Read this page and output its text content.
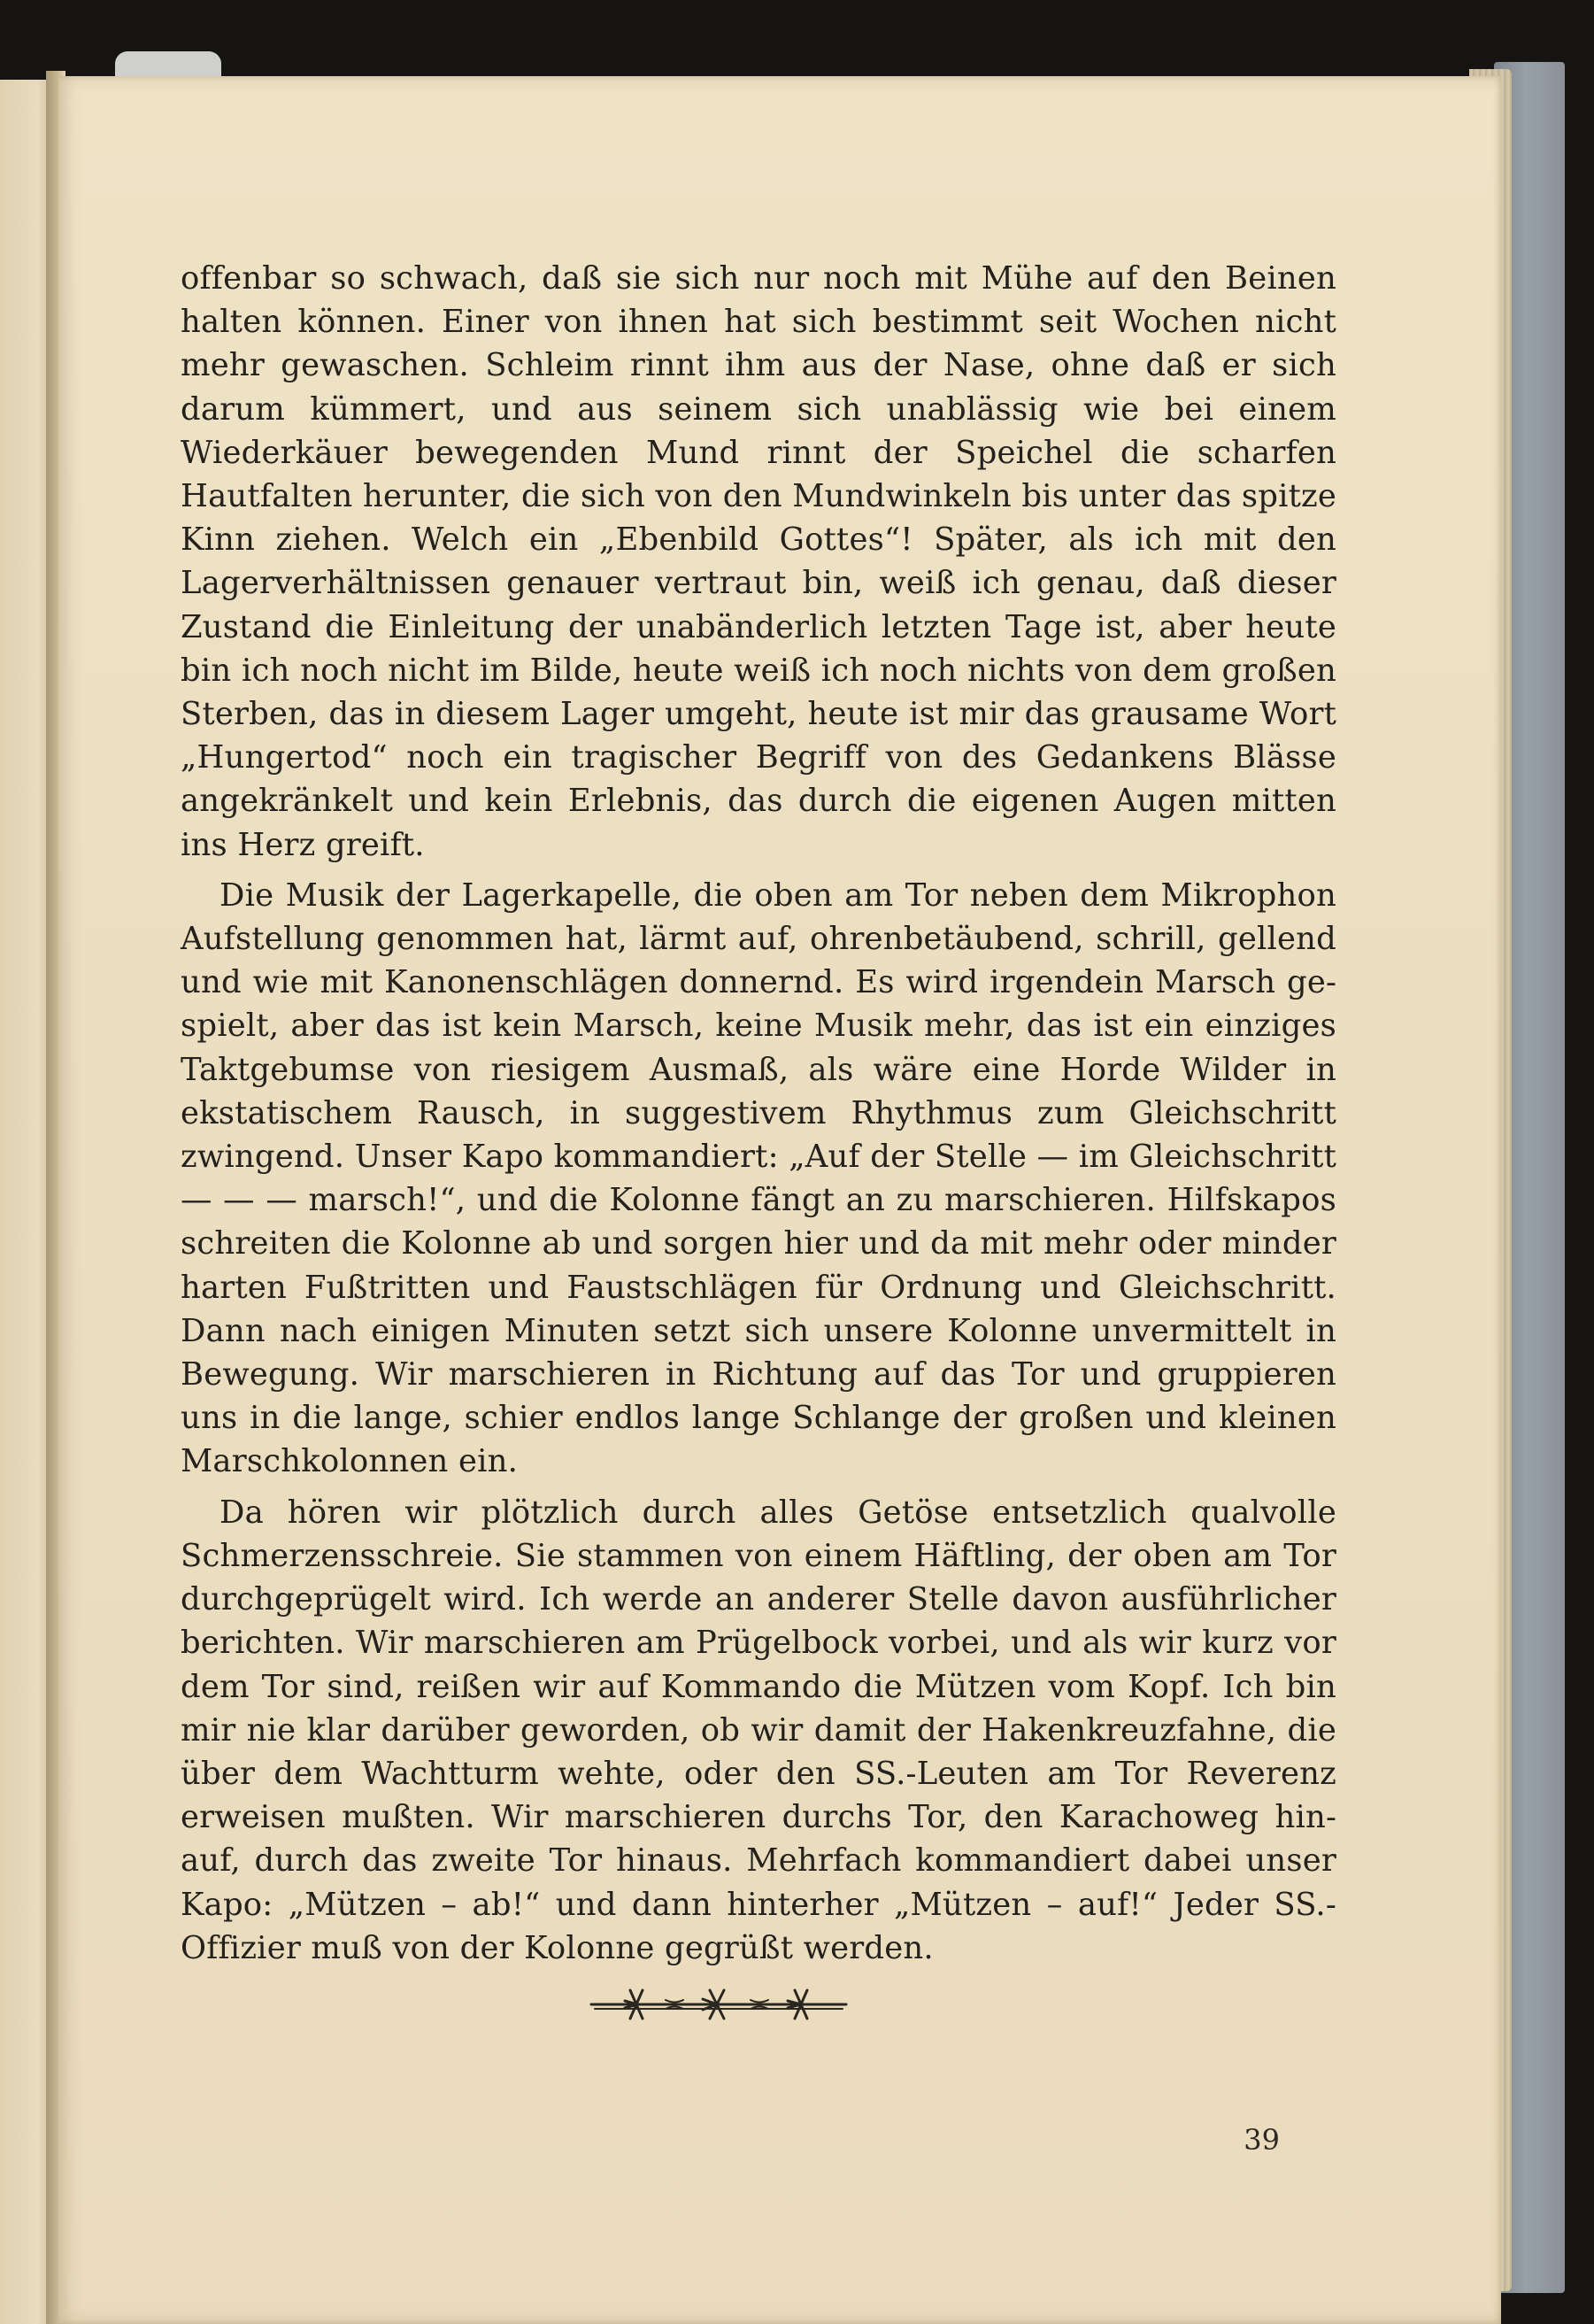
offenbar so schwach, daß sie sich nur noch mit Mühe auf den Beinen halten können. Einer von ihnen hat sich bestimmt seit Wochen nicht mehr gewaschen. Schleim rinnt ihm aus der Nase, ohne daß er sich darum kümmert, und aus seinem sich unablässig wie bei einem Wiederkäuer bewegenden Mund rinnt der Speichel die scharfen Hautfalten herunter, die sich von den Mundwinkeln bis unter das spitze Kinn ziehen. Welch ein „Ebenbild Gottes“! Später, als ich mit den Lagerverhältnissen genauer vertraut bin, weiß ich genau, daß dieser Zustand die Einleitung der unabänderlich letzten Tage ist, aber heute bin ich noch nicht im Bilde, heute weiß ich noch nichts von dem großen Sterben, das in diesem Lager umgeht, heute ist mir das grausame Wort „Hungertod“ noch ein tragischer Begriff von des Gedankens Blässe angekränkelt und kein Erlebnis, das durch die eigenen Augen mitten ins Herz greift.

Die Musik der Lagerkapelle, die oben am Tor neben dem Mikrophon Aufstellung genommen hat, lärmt auf, ohrenbetäubend, schrill, gellend und wie mit Kanonenschlägen donnernd. Es wird irgendein Marsch gespielt, aber das ist kein Marsch, keine Musik mehr, das ist ein einziges Taktgebumse von riesigem Ausmaß, als wäre eine Horde Wilder in ekstatischem Rausch, in suggestivem Rhythmus zum Gleichschritt zwingend. Unser Kapo kommandiert: „Auf der Stelle — im Gleichschritt — — — marsch!“, und die Kolonne fängt an zu marschieren. Hilfskapos schreiten die Kolonne ab und sorgen hier und da mit mehr oder minder harten Fußtritten und Faustschlägen für Ordnung und Gleichschritt. Dann nach einigen Minuten setzt sich unsere Kolonne unvermittelt in Bewegung. Wir marschieren in Richtung auf das Tor und gruppieren uns in die lange, schier endlos lange Schlange der großen und kleinen Marschkolonnen ein.

Da hören wir plötzlich durch alles Getöse entsetzlich qualvolle Schmerzensschreie. Sie stammen von einem Häftling, der oben am Tor durchgeprügelt wird. Ich werde an anderer Stelle davon ausführlicher berichten. Wir marschieren am Prügelbock vorbei, und als wir kurz vor dem Tor sind, reißen wir auf Kommando die Mützen vom Kopf. Ich bin mir nie klar darüber geworden, ob wir damit der Hakenkreuzfahne, die über dem Wachtturm wehte, oder den SS.-Leuten am Tor Reverenz erweisen mußten. Wir marschieren durchs Tor, den Karachoweg hinauf, durch das zweite Tor hinaus. Mehrfach kommandiert dabei unser Kapo: „Mützen – ab!“ und dann hinterher „Mützen – auf!“ Jeder SS.-Offizier muß von der Kolonne gegrüßt werden.

39
